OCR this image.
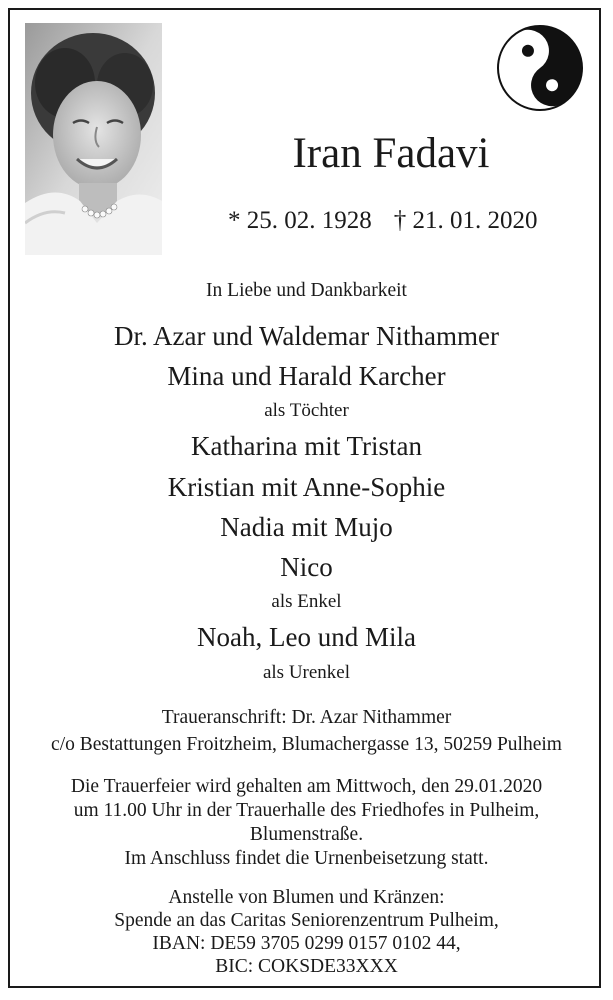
Iran Fadavi
* 25. 02. 1928 † 21. 01. 2020
In Liebe und Dankbarkeit
Dr. Azar und Waldemar Nithammer
Mina und Harald Karcher
als Töchter
Katharina mit Tristan
Kristian mit Anne-Sophie
Nadia mit Mujo
Nico
als Enkel
Noah, Leo und Mila
als Urenkel
Traueranschrift: Dr. Azar Nithammer
c/o Bestattungen Froitzheim, Blumachergasse 13, 50259 Pulheim
Die Trauerfeier wird gehalten am Mittwoch, den 29.01.2020
um 11.00 Uhr in der Trauerhalle des Friedhofes in Pulheim,
Blumenstraße.
Im Anschluss findet die Urnenbeisetzung statt.
Anstelle von Blumen und Kränzen:
Spende an das Caritas Seniorenzentrum Pulheim,
IBAN: DE59 3705 0299 0157 0102 44,
BIC: COKSDE33XXX
